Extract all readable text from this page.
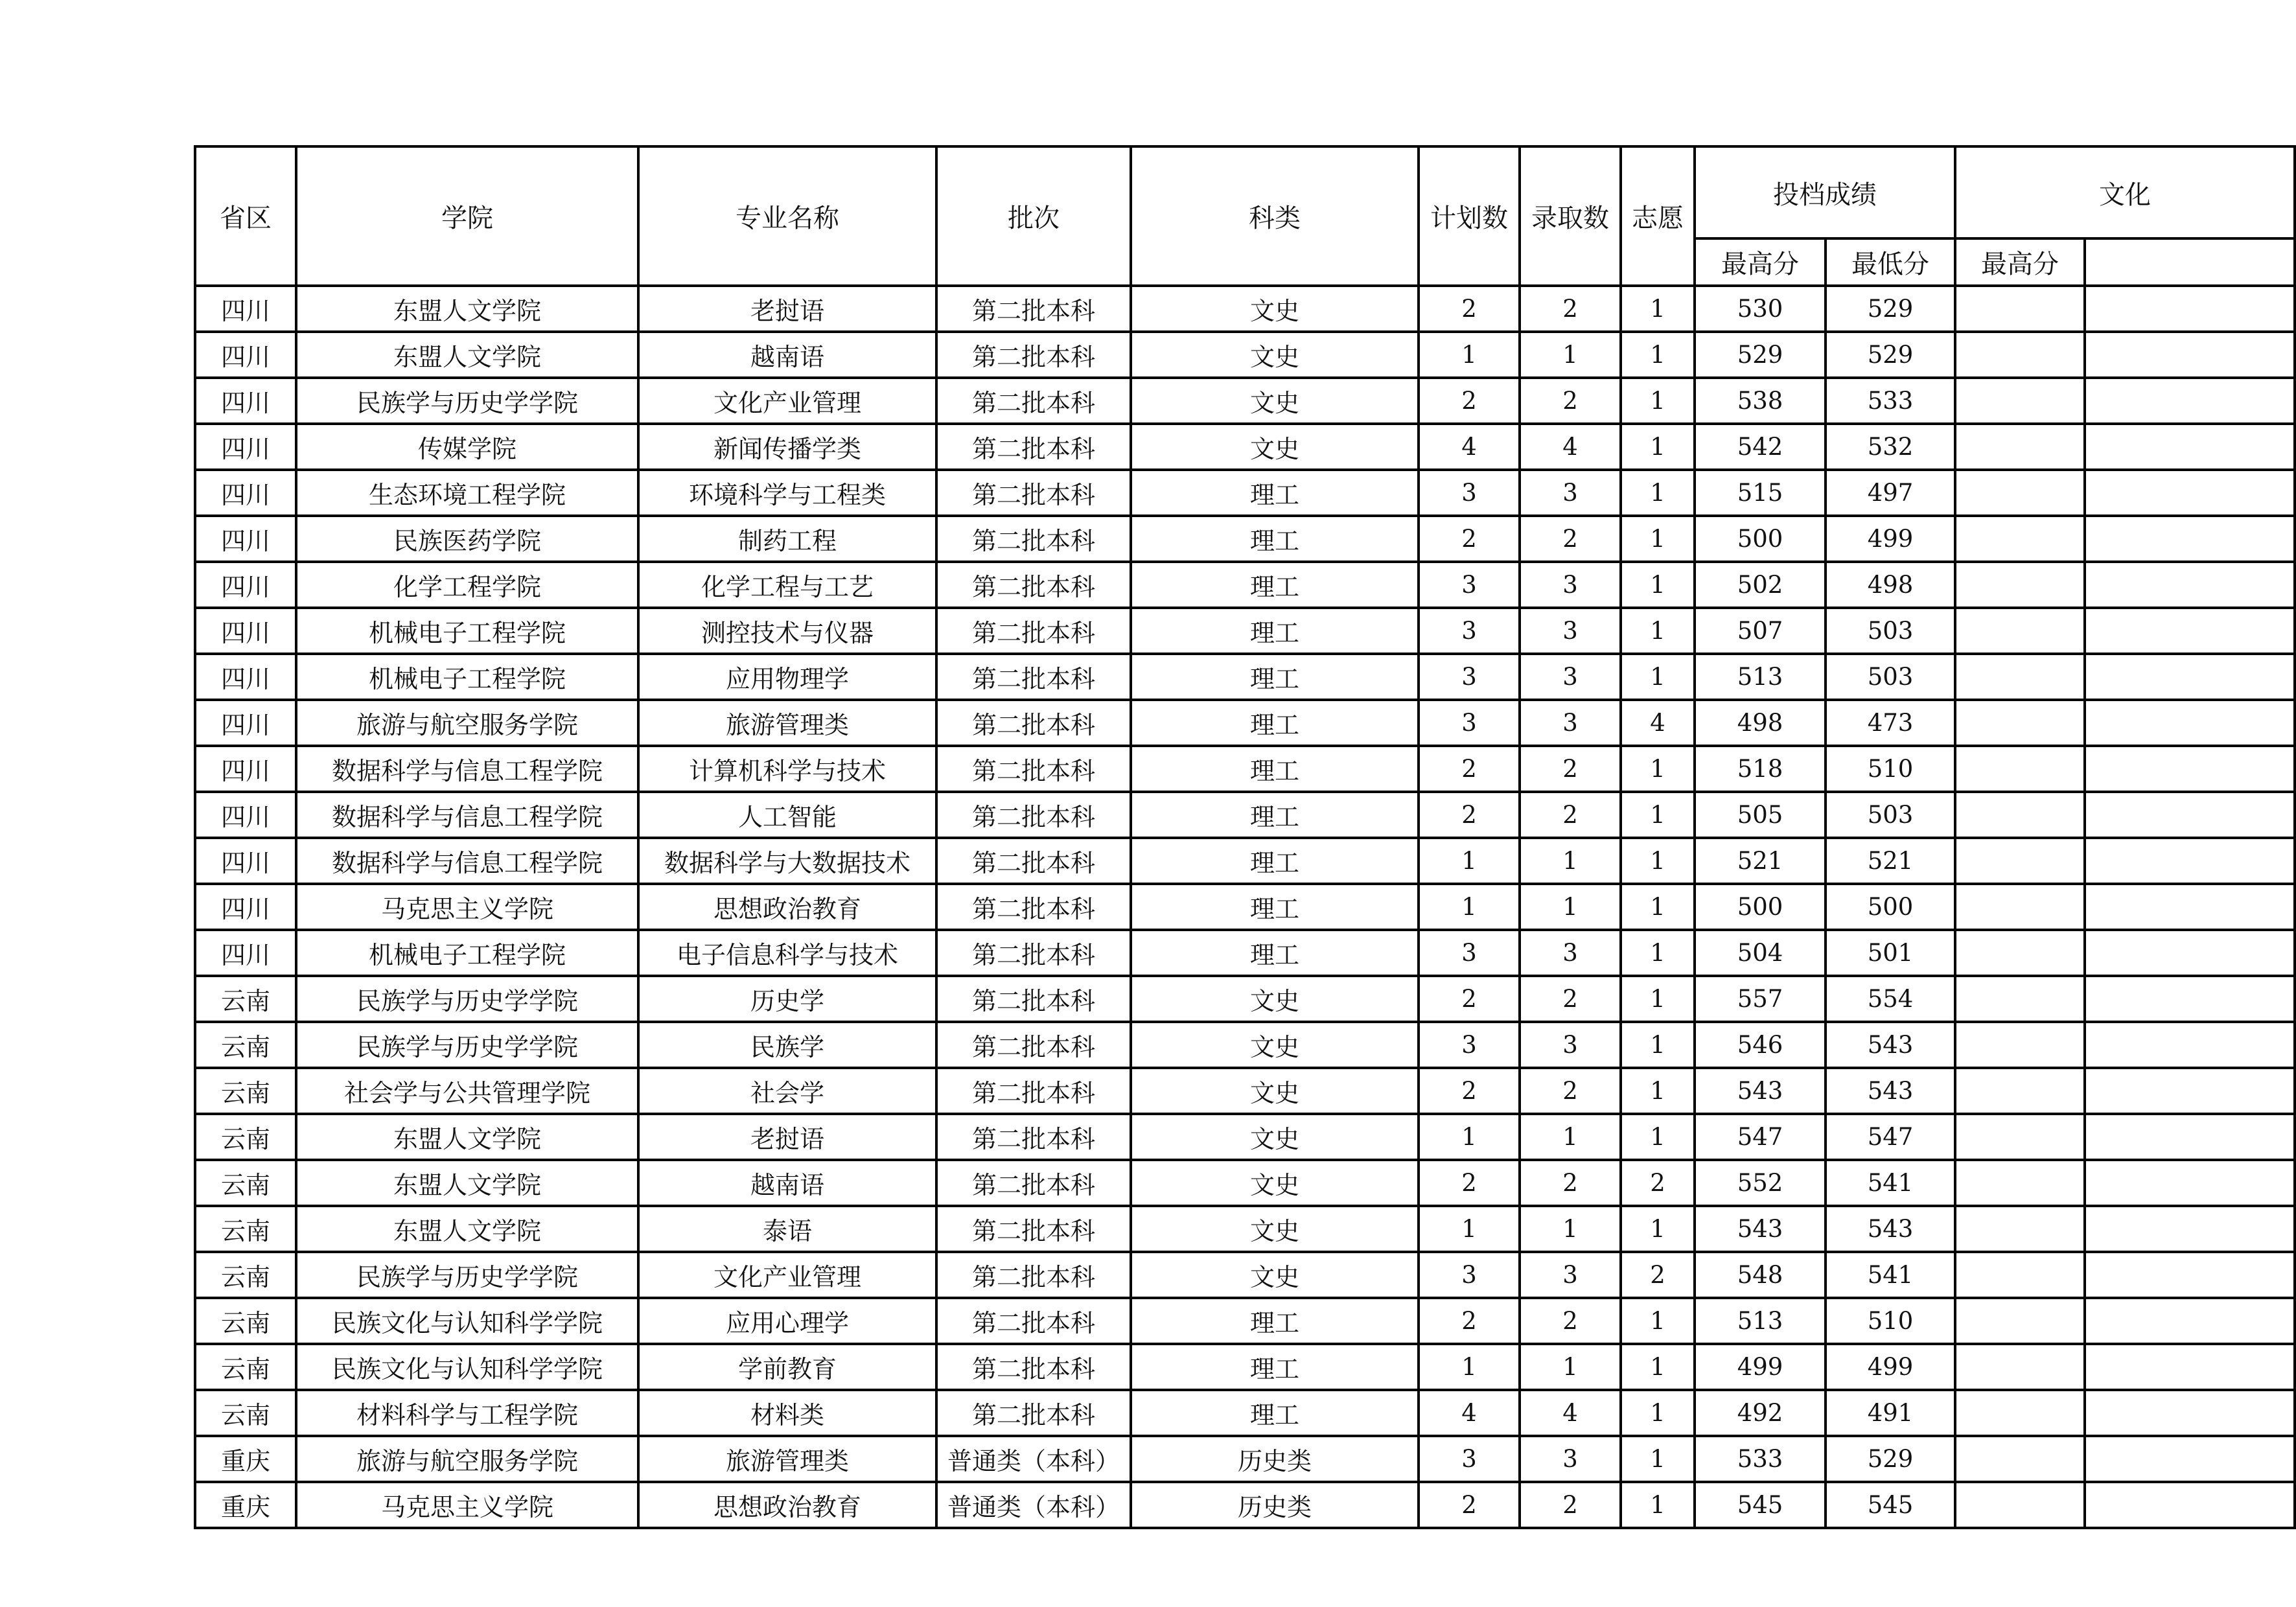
省区	学院	专业名称	批次	科类	计划数	录取数	志愿	投档成绩		文化	
								最高分	最低分	最高分	
四川	东盟人文学院	老挝语	第二批本科	文史	2	2	1	530	529		
四川	东盟人文学院	越南语	第二批本科	文史	1	1	1	529	529		
四川	民族学与历史学学院	文化产业管理	第二批本科	文史	2	2	1	538	533		
四川	传媒学院	新闻传播学类	第二批本科	文史	4	4	1	542	532		
四川	生态环境工程学院	环境科学与工程类	第二批本科	理工	3	3	1	515	497		
四川	民族医药学院	制药工程	第二批本科	理工	2	2	1	500	499		
四川	化学工程学院	化学工程与工艺	第二批本科	理工	3	3	1	502	498		
四川	机械电子工程学院	测控技术与仪器	第二批本科	理工	3	3	1	507	503		
四川	机械电子工程学院	应用物理学	第二批本科	理工	3	3	1	513	503		
四川	旅游与航空服务学院	旅游管理类	第二批本科	理工	3	3	4	498	473		
四川	数据科学与信息工程学院	计算机科学与技术	第二批本科	理工	2	2	1	518	510		
四川	数据科学与信息工程学院	人工智能	第二批本科	理工	2	2	1	505	503		
四川	数据科学与信息工程学院	数据科学与大数据技术	第二批本科	理工	1	1	1	521	521		
四川	马克思主义学院	思想政治教育	第二批本科	理工	1	1	1	500	500		
四川	机械电子工程学院	电子信息科学与技术	第二批本科	理工	3	3	1	504	501		
云南	民族学与历史学学院	历史学	第二批本科	文史	2	2	1	557	554		
云南	民族学与历史学学院	民族学	第二批本科	文史	3	3	1	546	543		
云南	社会学与公共管理学院	社会学	第二批本科	文史	2	2	1	543	543		
云南	东盟人文学院	老挝语	第二批本科	文史	1	1	1	547	547		
云南	东盟人文学院	越南语	第二批本科	文史	2	2	2	552	541		
云南	东盟人文学院	泰语	第二批本科	文史	1	1	1	543	543		
云南	民族学与历史学学院	文化产业管理	第二批本科	文史	3	3	2	548	541		
云南	民族文化与认知科学学院	应用心理学	第二批本科	理工	2	2	1	513	510		
云南	民族文化与认知科学学院	学前教育	第二批本科	理工	1	1	1	499	499		
云南	材料科学与工程学院	材料类	第二批本科	理工	4	4	1	492	491		
重庆	旅游与航空服务学院	旅游管理类	普通类（本科）	历史类	3	3	1	533	529		
重庆	马克思主义学院	思想政治教育	普通类（本科）	历史类	2	2	1	545	545		
